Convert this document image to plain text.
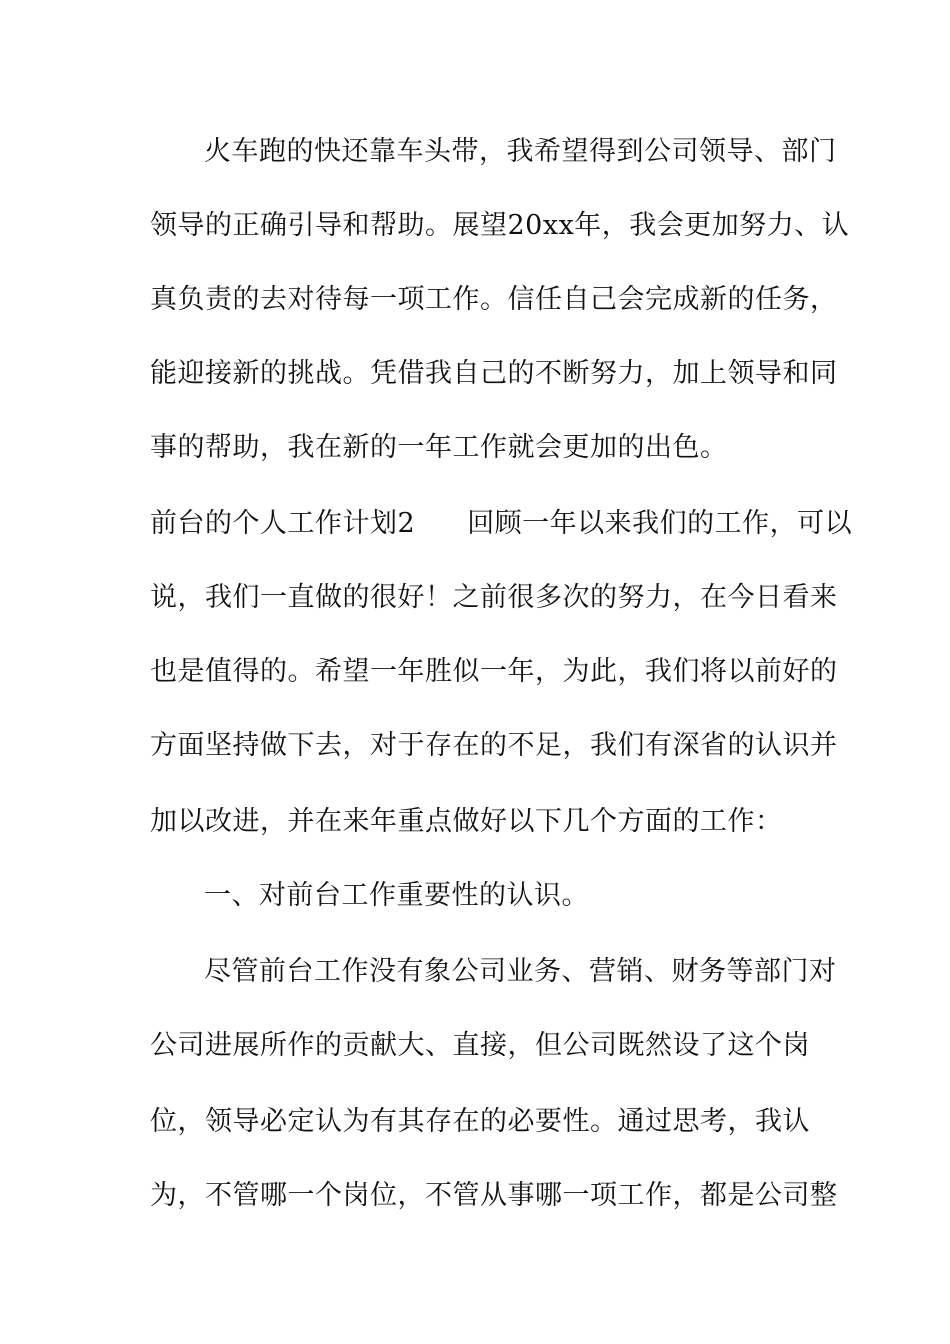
火车跑的快还靠车头带，我希望得到公司领导、部门
领导的正确引导和帮助。展望20xx年，我会更加努力、认
真负责的去对待每一项工作。信任自己会完成新的任务，
能迎接新的挑战。凭借我自己的不断努力，加上领导和同
事的帮助，我在新的一年工作就会更加的出色。
前台的个人工作计划2 回顾一年以来我们的工作，可以
说，我们一直做的很好！之前很多次的努力，在今日看来
也是值得的。希望一年胜似一年，为此，我们将以前好的
方面坚持做下去，对于存在的不足，我们有深省的认识并
加以改进，并在来年重点做好以下几个方面的工作：
一、对前台工作重要性的认识。
尽管前台工作没有象公司业务、营销、财务等部门对
公司进展所作的贡献大、直接，但公司既然设了这个岗
位，领导必定认为有其存在的必要性。通过思考，我认
为，不管哪一个岗位，不管从事哪一项工作，都是公司整
